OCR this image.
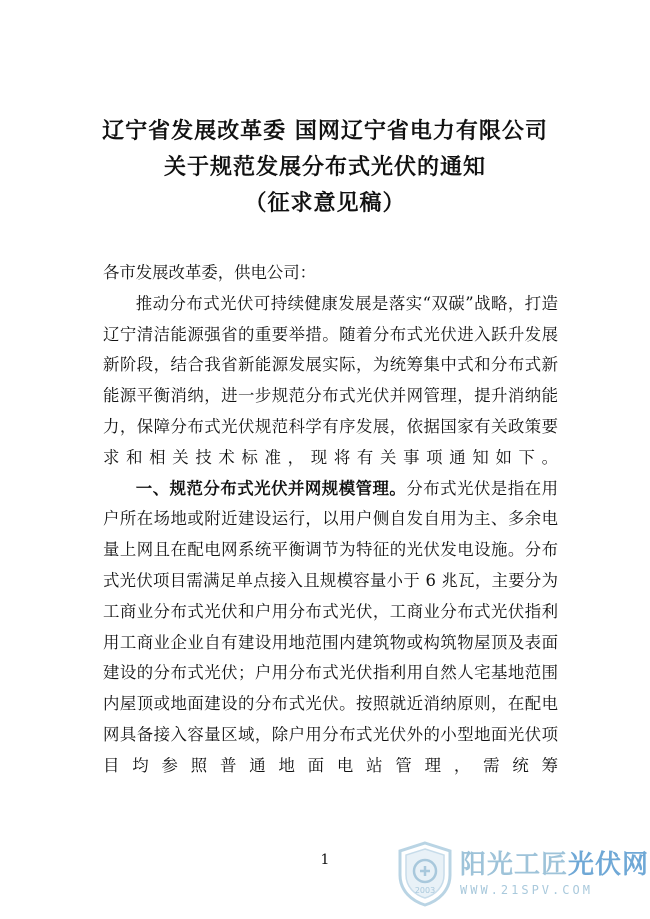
辽宁省发展改革委 国网辽宁省电力有限公司
关于规范发展分布式光伏的通知
（征求意见稿）

各市发展改革委，供电公司：

推动分布式光伏可持续健康发展是落实“双碳”战略，打造辽宁清洁能源强省的重要举措。随着分布式光伏进入跃升发展新阶段，结合我省新能源发展实际，为统筹集中式和分布式新能源平衡消纳，进一步规范分布式光伏并网管理，提升消纳能力，保障分布式光伏规范科学有序发展，依据国家有关政策要求和相关技术标准，现将有关事项通知如下。

一、规范分布式光伏并网规模管理。分布式光伏是指在用户所在场地或附近建设运行，以用户侧自发自用为主、多余电量上网且在配电网系统平衡调节为特征的光伏发电设施。分布式光伏项目需满足单点接入且规模容量小于 6 兆瓦，主要分为工商业分布式光伏和户用分布式光伏，工商业分布式光伏指利用工商业企业自有建设用地范围内建筑物或构筑物屋顶及表面建设的分布式光伏；户用分布式光伏指利用自然人宅基地范围内屋顶或地面建设的分布式光伏。按照就近消纳原则，在配电网具备接入容量区域，除户用分布式光伏外的小型地面光伏项目均参照普通地面电站管理，需统筹

1
2003
阳光工匠光伏网
WWW.21SPV.COM
